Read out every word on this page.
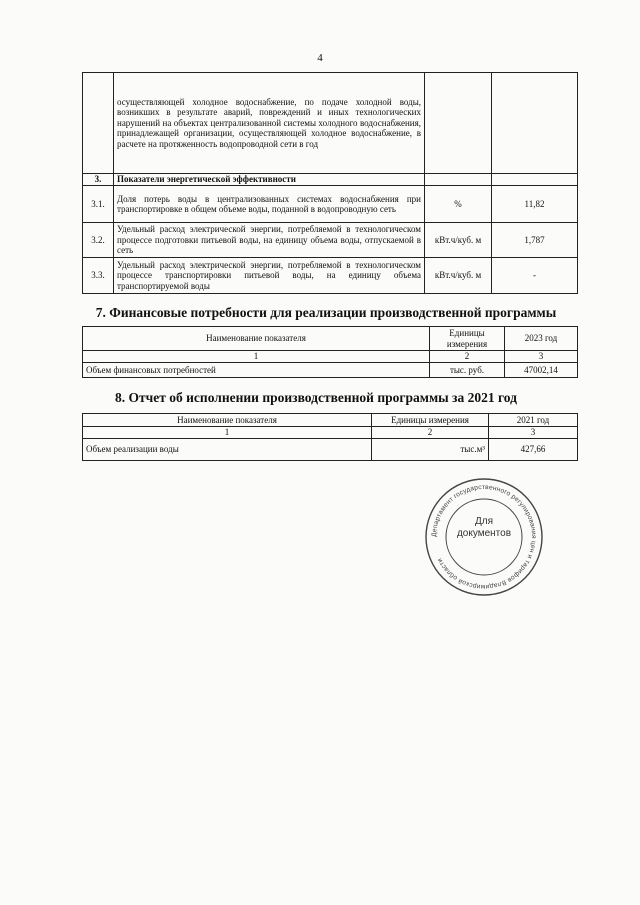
4
	осуществляющей холодное водоснабжение, по подаче холодной воды, возникших в результате аварий, повреждений и иных технологических нарушений на объектах централизованной системы холодного водоснабжения, принадлежащей организации, осуществляющей холодное водоснабжение, в расчете на протяженность водопроводной сети в год		
3.	Показатели энергетической эффективности		
3.1.	Доля потерь воды в централизованных системах водоснабжения при транспортировке в общем объеме воды, поданной в водопроводную сеть	%	11,82
3.2.	Удельный расход электрической энергии, потребляемой в технологическом процессе подготовки питьевой воды, на единицу объема воды, отпускаемой в сеть	кВт.ч/куб. м	1,787
3.3.	Удельный расход электрической энергии, потребляемой в технологическом процессе транспортировки питьевой воды, на единицу объема транспортируемой воды	кВт.ч/куб. м	-
7. Финансовые потребности для реализации производственной программы
Наименование показателя	Единицы измерения	2023 год
1	2	3
Объем финансовых потребностей	тыс. руб.	47002,14
8. Отчет об исполнении производственной программы за 2021 год
Наименование показателя	Единицы измерения	2021 год
1	2	3
Объем реализации воды	тыс.м³	427,66
Департамент государственного регулирования цен и тарифов Владимирской области
Для
документов
